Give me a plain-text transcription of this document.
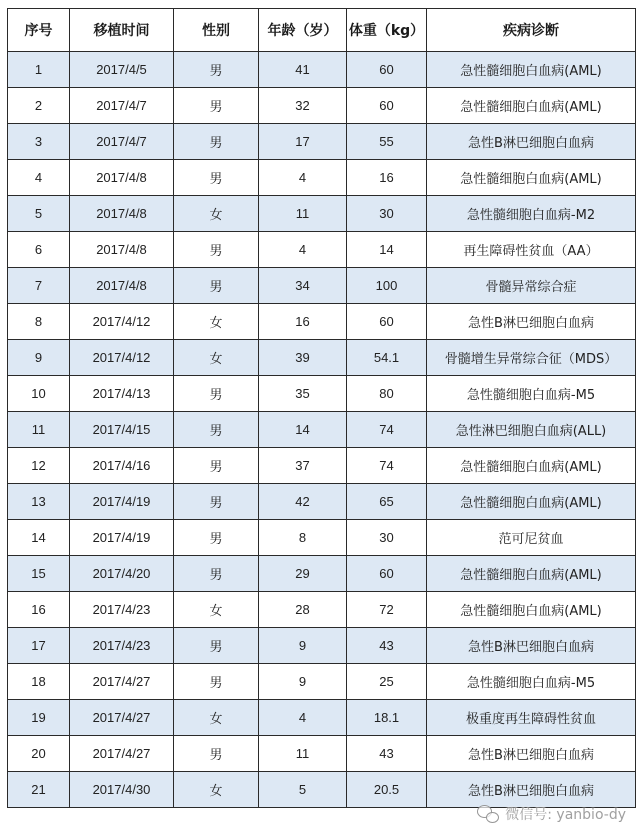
序号	移植时间	性别	年龄（岁）	体重（kg）	疾病诊断
1	2017/4/5	男	41	60	急性髓细胞白血病(AML)
2	2017/4/7	男	32	60	急性髓细胞白血病(AML)
3	2017/4/7	男	17	55	急性B淋巴细胞白血病
4	2017/4/8	男	4	16	急性髓细胞白血病(AML)
5	2017/4/8	女	11	30	急性髓细胞白血病-M2
6	2017/4/8	男	4	14	再生障碍性贫血（AA）
7	2017/4/8	男	34	100	骨髓异常综合症
8	2017/4/12	女	16	60	急性B淋巴细胞白血病
9	2017/4/12	女	39	54.1	骨髓增生异常综合征（MDS）
10	2017/4/13	男	35	80	急性髓细胞白血病-M5
11	2017/4/15	男	14	74	急性淋巴细胞白血病(ALL)
12	2017/4/16	男	37	74	急性髓细胞白血病(AML)
13	2017/4/19	男	42	65	急性髓细胞白血病(AML)
14	2017/4/19	男	8	30	范可尼贫血
15	2017/4/20	男	29	60	急性髓细胞白血病(AML)
16	2017/4/23	女	28	72	急性髓细胞白血病(AML)
17	2017/4/23	男	9	43	急性B淋巴细胞白血病
18	2017/4/27	男	9	25	急性髓细胞白血病-M5
19	2017/4/27	女	4	18.1	极重度再生障碍性贫血
20	2017/4/27	男	11	43	急性B淋巴细胞白血病
21	2017/4/30	女	5	20.5	急性B淋巴细胞白血病
微信号: yanbio-dy
